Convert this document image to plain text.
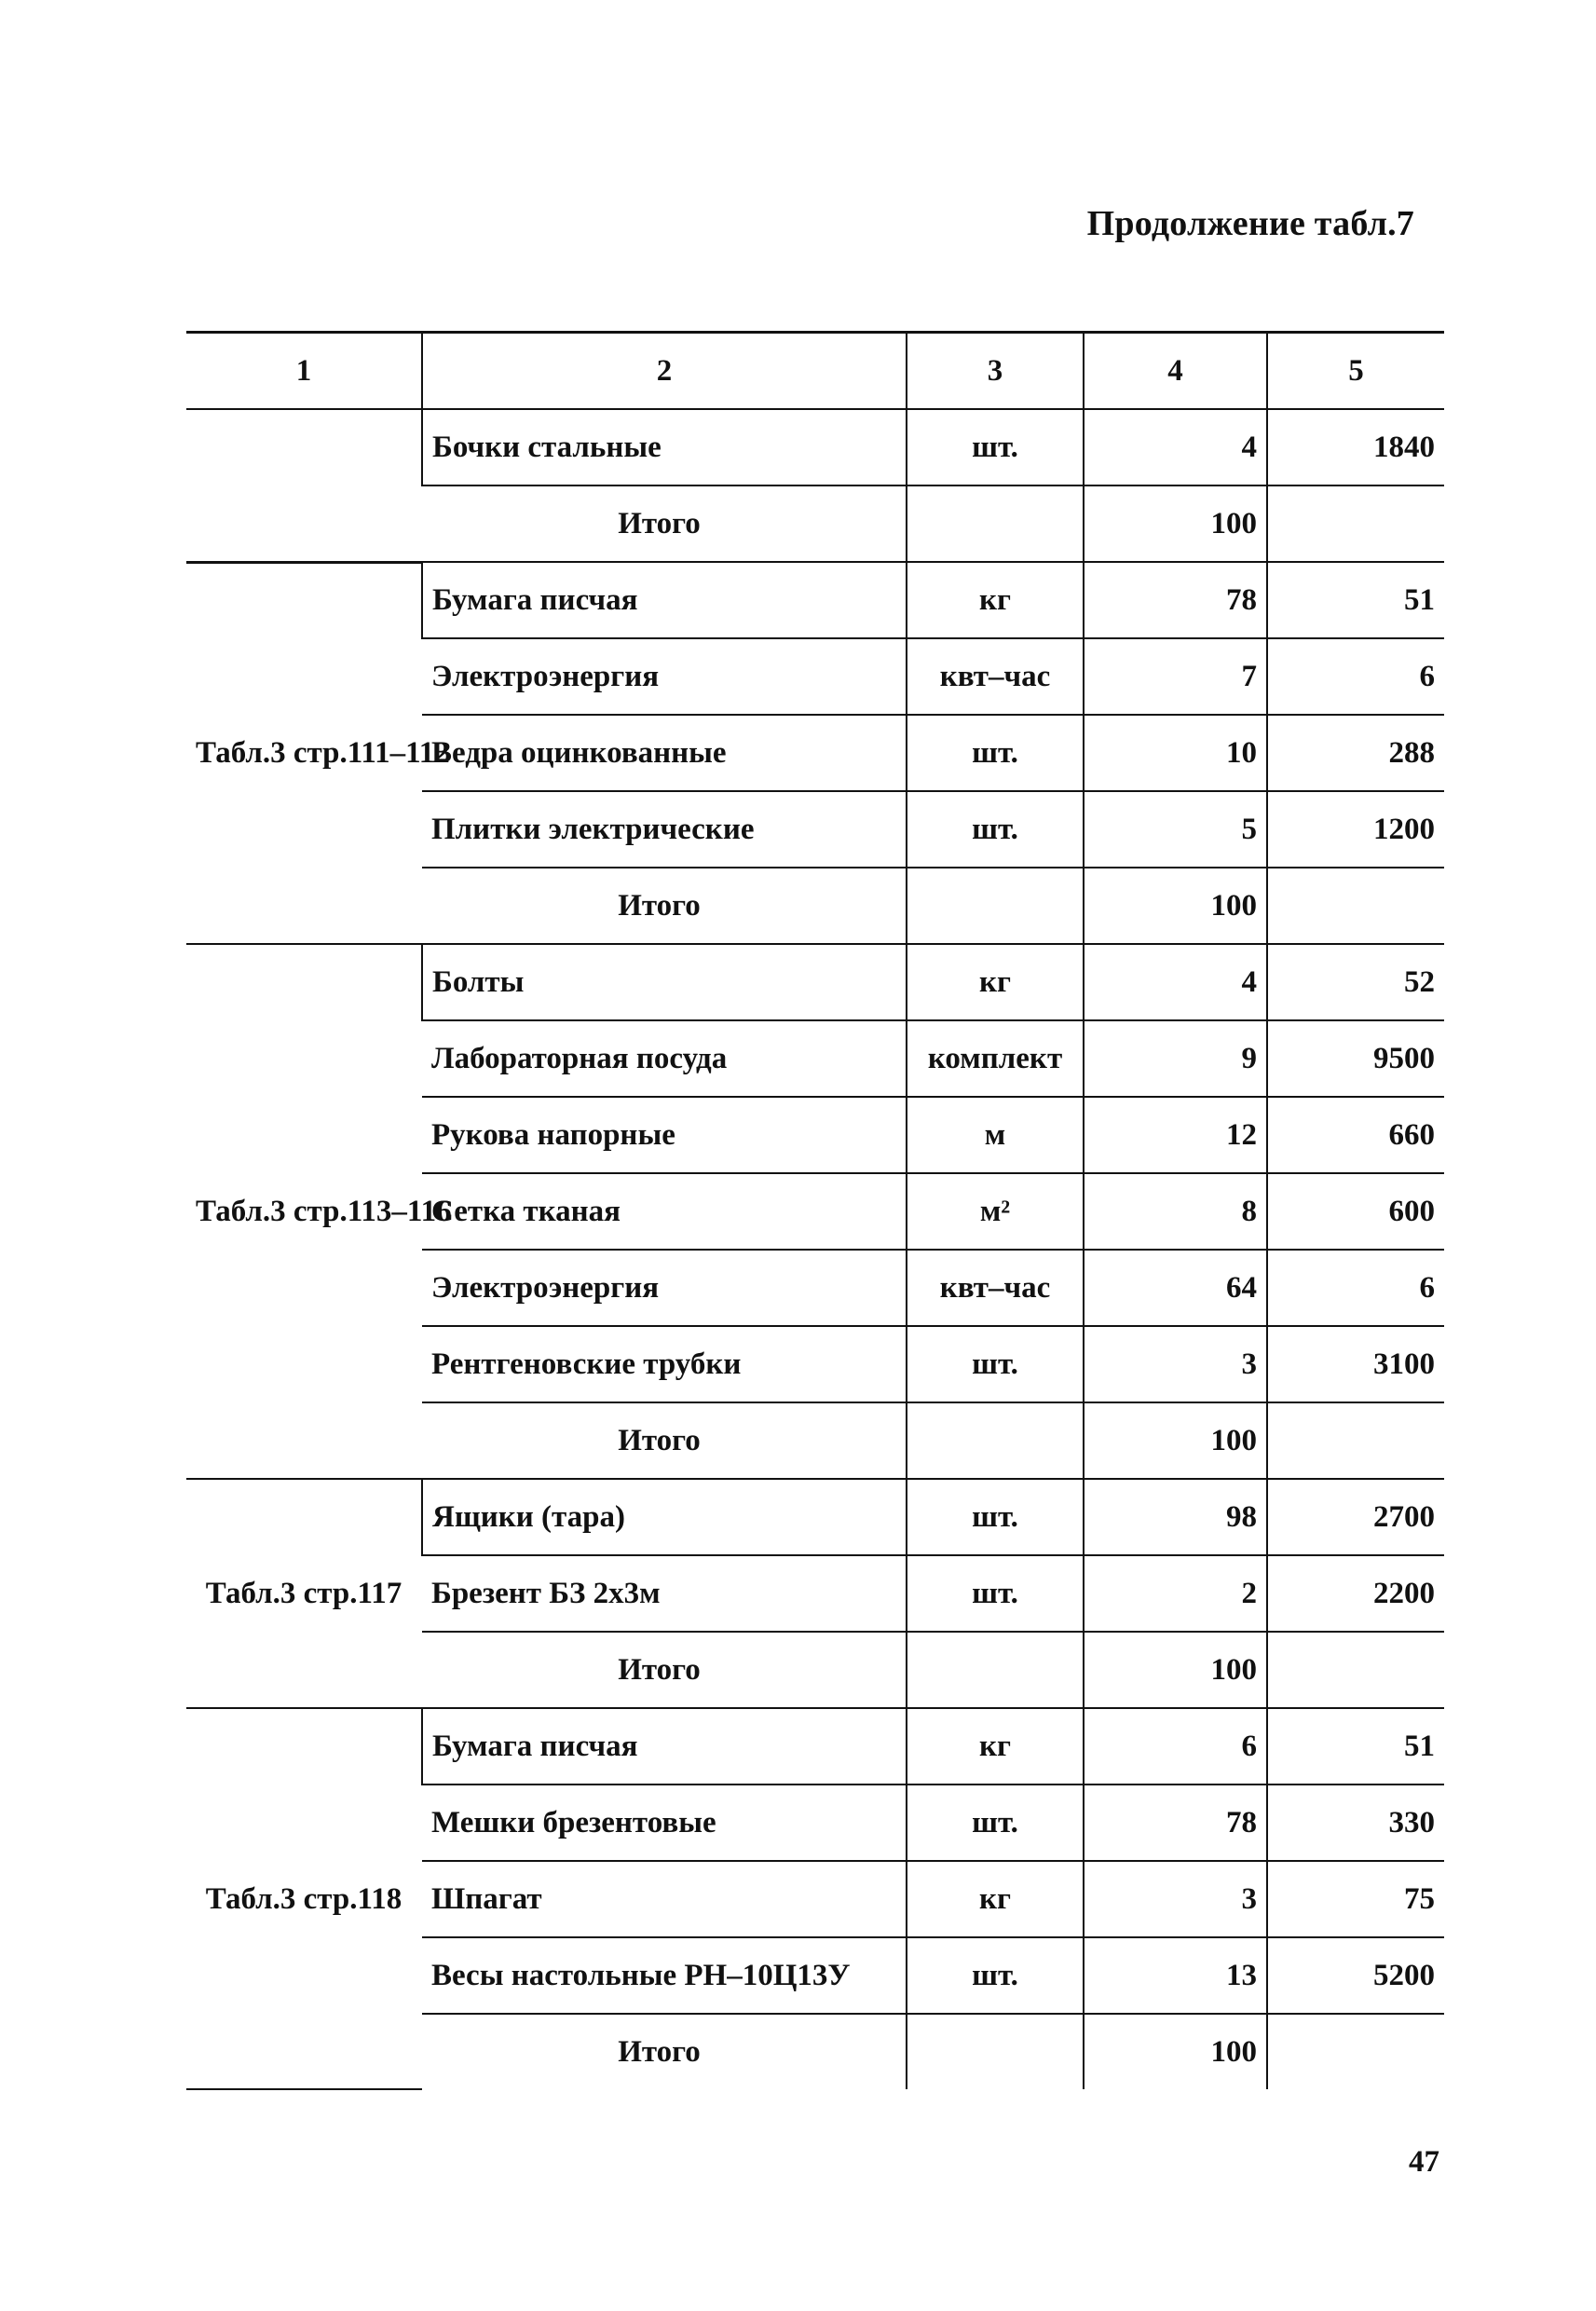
Продолжение табл.7
1	2	3	4	5
	Бочки стальные	шт.	4	1840
	Итого		100	
Табл.3 стр.111–112	Бумага писчая	кг	78	51
	Электроэнергия	квт–час	7	6
	Ведра оцинкованные	шт.	10	288
	Плитки электрические	шт.	5	1200
	Итого		100	
Табл.3 стр.113–116	Болты	кг	4	52
	Лабораторная посуда	комплект	9	9500
	Рукова напорные	м	12	660
	Сетка тканая	м²	8	600
	Электроэнергия	квт–час	64	6
	Рентгеновские трубки	шт.	3	3100
	Итого		100	
Табл.3 стр.117	Ящики (тара)	шт.	98	2700
	Брезент БЗ 2х3м	шт.	2	2200
	Итого		100	
Табл.3 стр.118	Бумага писчая	кг	6	51
	Мешки брезентовые	шт.	78	330
	Шпагат	кг	3	75
	Весы настольные РН–10Ц13У	шт.	13	5200
	Итого		100	
47
